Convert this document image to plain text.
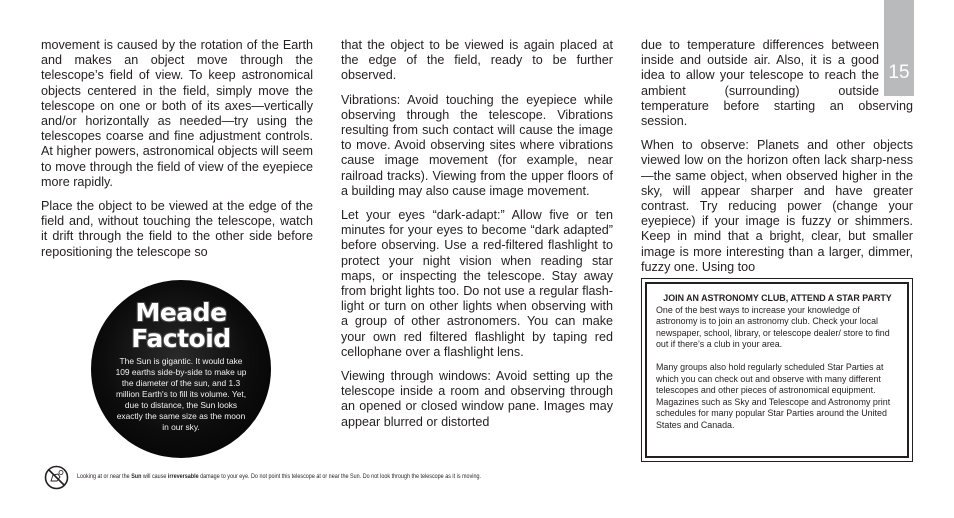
15

movement is caused by the rotation of the Earth and makes an object move through the telescope’s field of view. To keep astronomical objects centered in the field, simply move the telescope on one or both of its axes—vertically and/or horizontally as needed—try using the telescopes coarse and fine adjustment controls. At higher powers, astronomical objects will seem to move through the field of view of the eyepiece more rapidly.

Place the object to be viewed at the edge of the field and, without touching the telescope, watch it drift through the field to the other side before repositioning the telescope so

that the object to be viewed is again placed at the edge of the field, ready to be further observed.

Vibrations: Avoid touching the eyepiece while observing through the telescope. Vibrations resulting from such contact will cause the image to move. Avoid observing sites where vibrations cause image movement (for example, near railroad tracks). Viewing from the upper floors of a building may also cause image movement.

Let your eyes “dark-adapt:” Allow five or ten minutes for your eyes to become “dark adapted” before observing. Use a red-filtered flashlight to protect your night vision when reading star maps, or inspecting the telescope. Stay away from bright lights too. Do not use a regular flash-light or turn on other lights when observing with a group of other astronomers. You can make your own red filtered flashlight by taping red cellophane over a flashlight lens.

Viewing through windows: Avoid setting up the telescope inside a room and observing through an opened or closed window pane. Images may appear blurred or distorted

due to temperature differences between inside and outside air. Also, it is a good idea to allow your telescope to reach the ambient (surrounding) outside temperature before starting an observing session.

When to observe: Planets and other objects viewed low on the horizon often lack sharp-ness—the same object, when observed higher in the sky, will appear sharper and have greater contrast. Try reducing power (change your eyepiece) if your image is fuzzy or shimmers. Keep in mind that a bright, clear, but smaller image is more interesting than a larger, dimmer, fuzzy one. Using too

Meade
Factoid
The Sun is gigantic. It would take 109 earths side-by-side to make up the diameter of the sun, and 1.3 million Earth's to fill its volume. Yet, due to distance, the Sun looks exactly the same size as the moon in our sky.
JOIN AN ASTRONOMY CLUB, ATTEND A STAR PARTY

One of the best ways to increase your knowledge of astronomy is to join an astronomy club. Check your local newspaper, school, library, or telescope dealer/ store to find out if there’s a club in your area.

Many groups also hold regularly scheduled Star Parties at which you can check out and observe with many different telescopes and other pieces of astronomical equipment. Magazines such as Sky and Telescope and Astronomy print schedules for many popular Star Parties around the United States and Canada.

Looking at or near the Sun will cause irreversable damage to your eye. Do not point this telescope at or near the Sun. Do not look through the telescope as it is moving.
